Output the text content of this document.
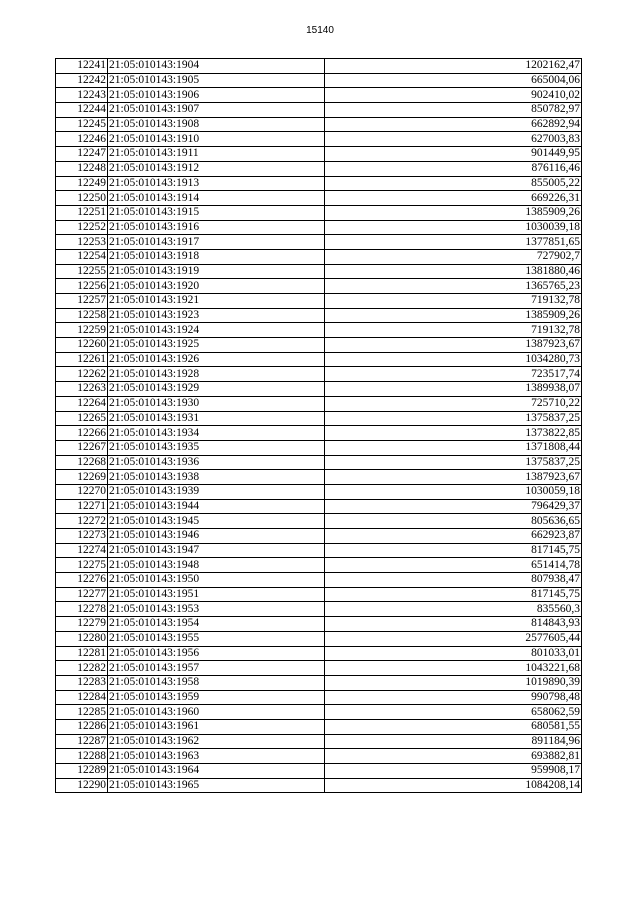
15140
12241	21:05:010143:1904	1202162,47
12242	21:05:010143:1905	665004,06
12243	21:05:010143:1906	902410,02
12244	21:05:010143:1907	850782,97
12245	21:05:010143:1908	662892,94
12246	21:05:010143:1910	627003,83
12247	21:05:010143:1911	901449,95
12248	21:05:010143:1912	876116,46
12249	21:05:010143:1913	855005,22
12250	21:05:010143:1914	669226,31
12251	21:05:010143:1915	1385909,26
12252	21:05:010143:1916	1030039,18
12253	21:05:010143:1917	1377851,65
12254	21:05:010143:1918	727902,7
12255	21:05:010143:1919	1381880,46
12256	21:05:010143:1920	1365765,23
12257	21:05:010143:1921	719132,78
12258	21:05:010143:1923	1385909,26
12259	21:05:010143:1924	719132,78
12260	21:05:010143:1925	1387923,67
12261	21:05:010143:1926	1034280,73
12262	21:05:010143:1928	723517,74
12263	21:05:010143:1929	1389938,07
12264	21:05:010143:1930	725710,22
12265	21:05:010143:1931	1375837,25
12266	21:05:010143:1934	1373822,85
12267	21:05:010143:1935	1371808,44
12268	21:05:010143:1936	1375837,25
12269	21:05:010143:1938	1387923,67
12270	21:05:010143:1939	1030059,18
12271	21:05:010143:1944	796429,37
12272	21:05:010143:1945	805636,65
12273	21:05:010143:1946	662923,87
12274	21:05:010143:1947	817145,75
12275	21:05:010143:1948	651414,78
12276	21:05:010143:1950	807938,47
12277	21:05:010143:1951	817145,75
12278	21:05:010143:1953	835560,3
12279	21:05:010143:1954	814843,93
12280	21:05:010143:1955	2577605,44
12281	21:05:010143:1956	801033,01
12282	21:05:010143:1957	1043221,68
12283	21:05:010143:1958	1019890,39
12284	21:05:010143:1959	990798,48
12285	21:05:010143:1960	658062,59
12286	21:05:010143:1961	680581,55
12287	21:05:010143:1962	891184,96
12288	21:05:010143:1963	693882,81
12289	21:05:010143:1964	959908,17
12290	21:05:010143:1965	1084208,14
